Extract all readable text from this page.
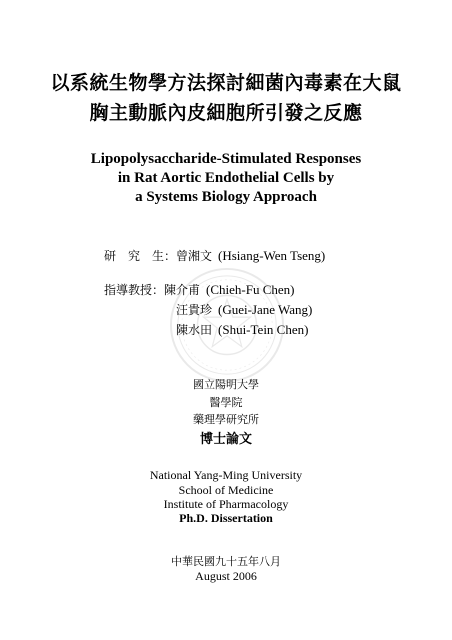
以系統生物學方法探討細菌內毒素在大鼠
胸主動脈內皮細胞所引發之反應
Lipopolysaccharide-Stimulated Responses
in Rat Aortic Endothelial Cells by
a Systems Biology Approach
研　究　生：曾湘文 (Hsiang-Wen Tseng)
指導教授：陳介甫 (Chieh-Fu Chen)
汪貴珍 (Guei-Jane Wang)
陳水田 (Shui-Tein Chen)
國立陽明大學
醫學院
藥理學研究所
博士論文
National Yang-Ming University
School of Medicine
Institute of Pharmacology
Ph.D. Dissertation
中華民國九十五年八月
August 2006
